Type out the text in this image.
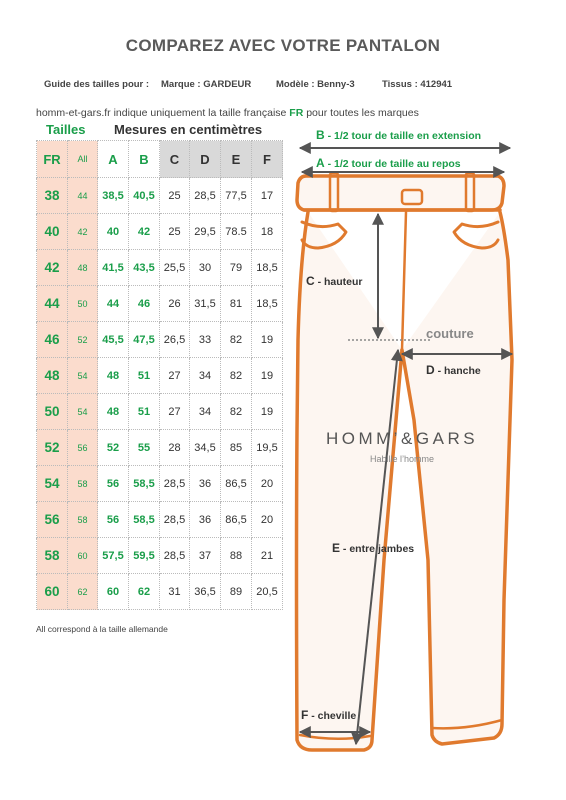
COMPAREZ AVEC VOTRE PANTALON
Guide des tailles pour : Marque : GARDEUR	Modèle : Benny-3	Tissus : 412941
homm-et-gars.fr indique uniquement la taille française FR pour toutes les marques
Tailles Mesures en centimètres
FR	All	A	B	C	D	E	F
38	44	38,5	40,5	25	28,5	77,5	17
40	42	40	42	25	29,5	78.5	18
42	48	41,5	43,5	25,5	30	79	18,5
44	50	44	46	26	31,5	81	18,5
46	52	45,5	47,5	26,5	33	82	19
48	54	48	51	27	34	82	19
50	54	48	51	27	34	82	19
52	56	52	55	28	34,5	85	19,5
54	58	56	58,5	28,5	36	86,5	20
56	58	56	58,5	28,5	36	86,5	20
58	60	57,5	59,5	28,5	37	88	21
60	62	60	62	31	36,5	89	20,5
All correspond à la taille allemande
B - 1/2 tour de taille en extension
A - 1/2 tour de taille au repos
C - hauteur
couture
D - hanche
E - entre jambes
F - cheville
HOMM’&GARS
Habille l’homme
